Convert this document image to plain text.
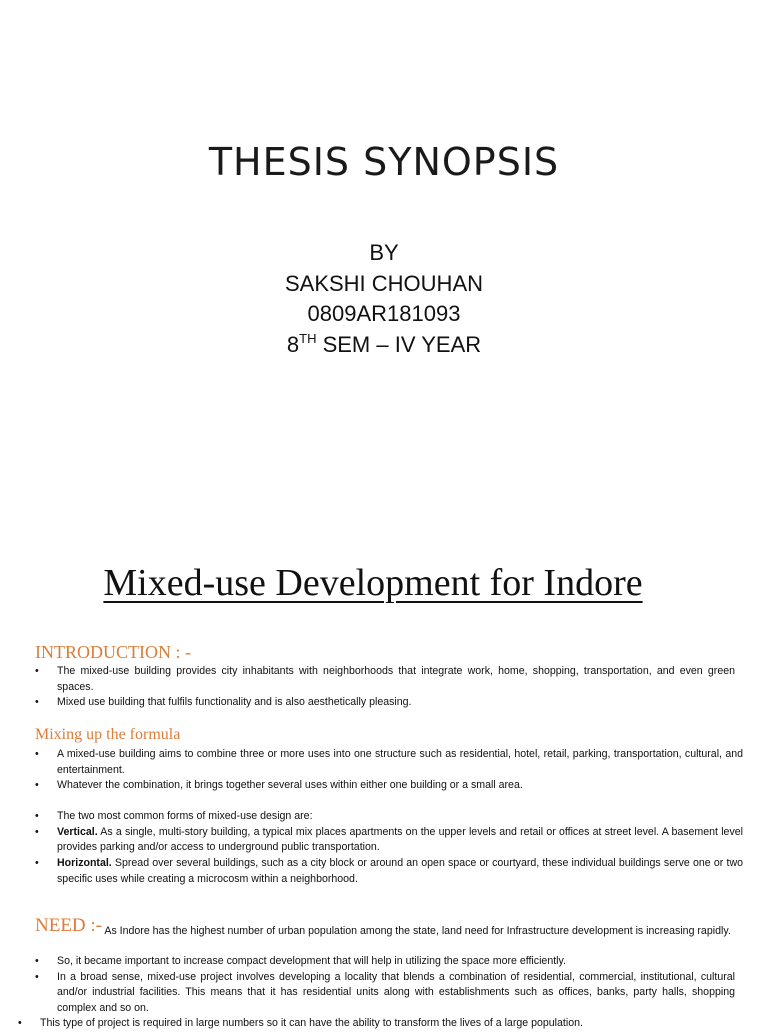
THESIS SYNOPSIS
BY
SAKSHI CHOUHAN
0809AR181093
8TH SEM – IV YEAR
Mixed-use Development for Indore
INTRODUCTION : -
• The mixed-use building provides city inhabitants with neighborhoods that integrate work, home, shopping, transportation, and even green spaces.
• Mixed use building that fulfils functionality and is also aesthetically pleasing.
Mixing up the formula
• A mixed-use building aims to combine three or more uses into one structure such as residential, hotel, retail, parking, transportation, cultural, and entertainment.
• Whatever the combination, it brings together several uses within either one building or a small area.
• The two most common forms of mixed-use design are:
• Vertical. As a single, multi-story building, a typical mix places apartments on the upper levels and retail or offices at street level. A basement level provides parking and/or access to underground public transportation.
• Horizontal. Spread over several buildings, such as a city block or around an open space or courtyard, these individual buildings serve one or two specific uses while creating a microcosm within a neighborhood.
NEED :- As Indore has the highest number of urban population among the state, land need for Infrastructure development is increasing rapidly.
• So, it became important to increase compact development that will help in utilizing the space more efficiently.
• In a broad sense, mixed-use project involves developing a locality that blends a combination of residential, commercial, institutional, cultural and/or industrial facilities. This means that it has residential units along with establishments such as offices, banks, party halls, shopping complex and so on.
• This type of project is required in large numbers so it can have the ability to transform the lives of a large population.
